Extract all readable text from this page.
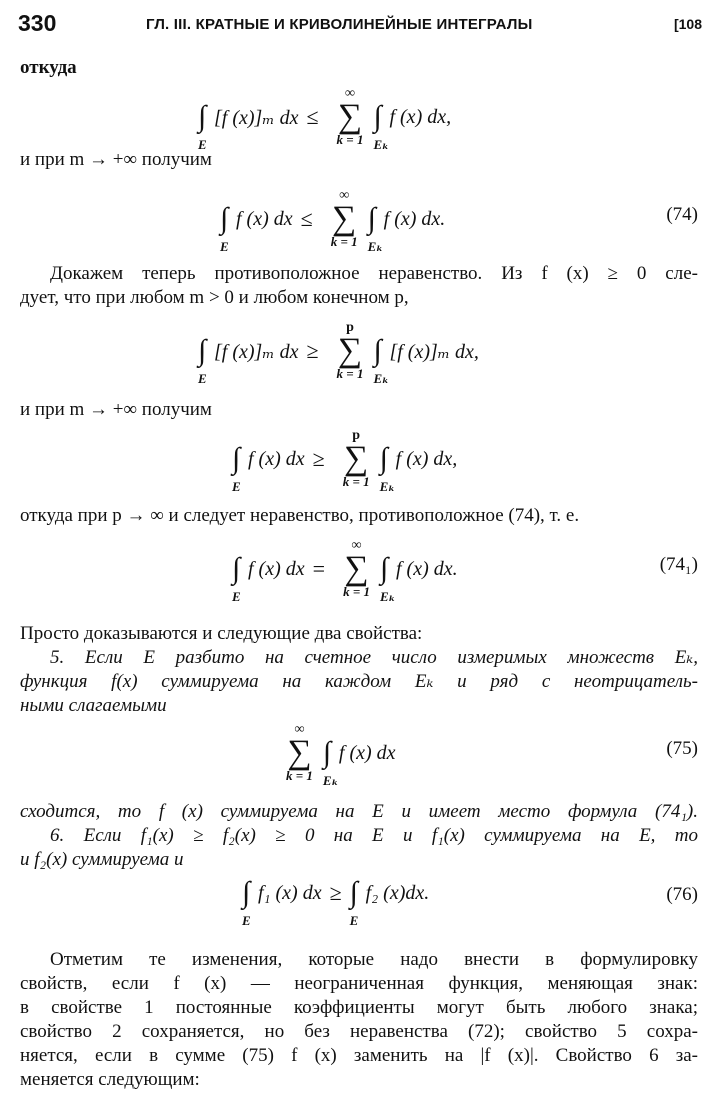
330	ГЛ. III. КРАТНЫЕ И КРИВОЛИНЕЙНЫЕ ИНТЕГРАЛЫ	[108
откуда
∫
E
[f (x)]ₘ dx ≤
∞
∑
k = 1
∫
Eₖ
f (x) dx,
и при m → +∞ получим
∫
E
f (x) dx ≤
∞
∑
k = 1
∫
Eₖ
f (x) dx.	(74)
Докажем теперь противоположное неравенство. Из f (x) ≥ 0 сле-
дует, что при любом m > 0 и любом конечном p,
∫
E
[f (x)]ₘ dx ≥
p
∑
k = 1
∫
Eₖ
[f (x)]ₘ dx,
и при m → +∞ получим
∫
E
f (x) dx ≥
p
∑
k = 1
∫
Eₖ
f (x) dx,
откуда при p → ∞ и следует неравенство, противоположное (74), т. е.
∫
E
f (x) dx =
∞
∑
k = 1
∫
Eₖ
f (x) dx.	(74₁)
Просто доказываются и следующие два свойства:
5. Если E разбито на счетное число измеримых множеств Eₖ,
функция f(x) суммируема на каждом Eₖ и ряд с неотрицатель-
ными слагаемыми
∞
∑
k = 1
∫
Eₖ
f (x) dx	(75)
сходится, то f (x) суммируема на E и имеет место формула (74₁).
6. Если f₁(x) ≥ f₂(x) ≥ 0 на E и f₁(x) суммируема на E, то
и f₂(x) суммируема и
∫
E
f₁ (x) dx ≥ ∫
E
f₂ (x)dx.	(76)
Отметим те изменения, которые надо внести в формулировку
свойств, если f (x) — неограниченная функция, меняющая знак:
в свойстве 1 постоянные коэффициенты могут быть любого знака;
свойство 2 сохраняется, но без неравенства (72); свойство 5 сохра-
няется, если в сумме (75) f (x) заменить на |f (x)|. Свойство 6 за-
меняется следующим:
